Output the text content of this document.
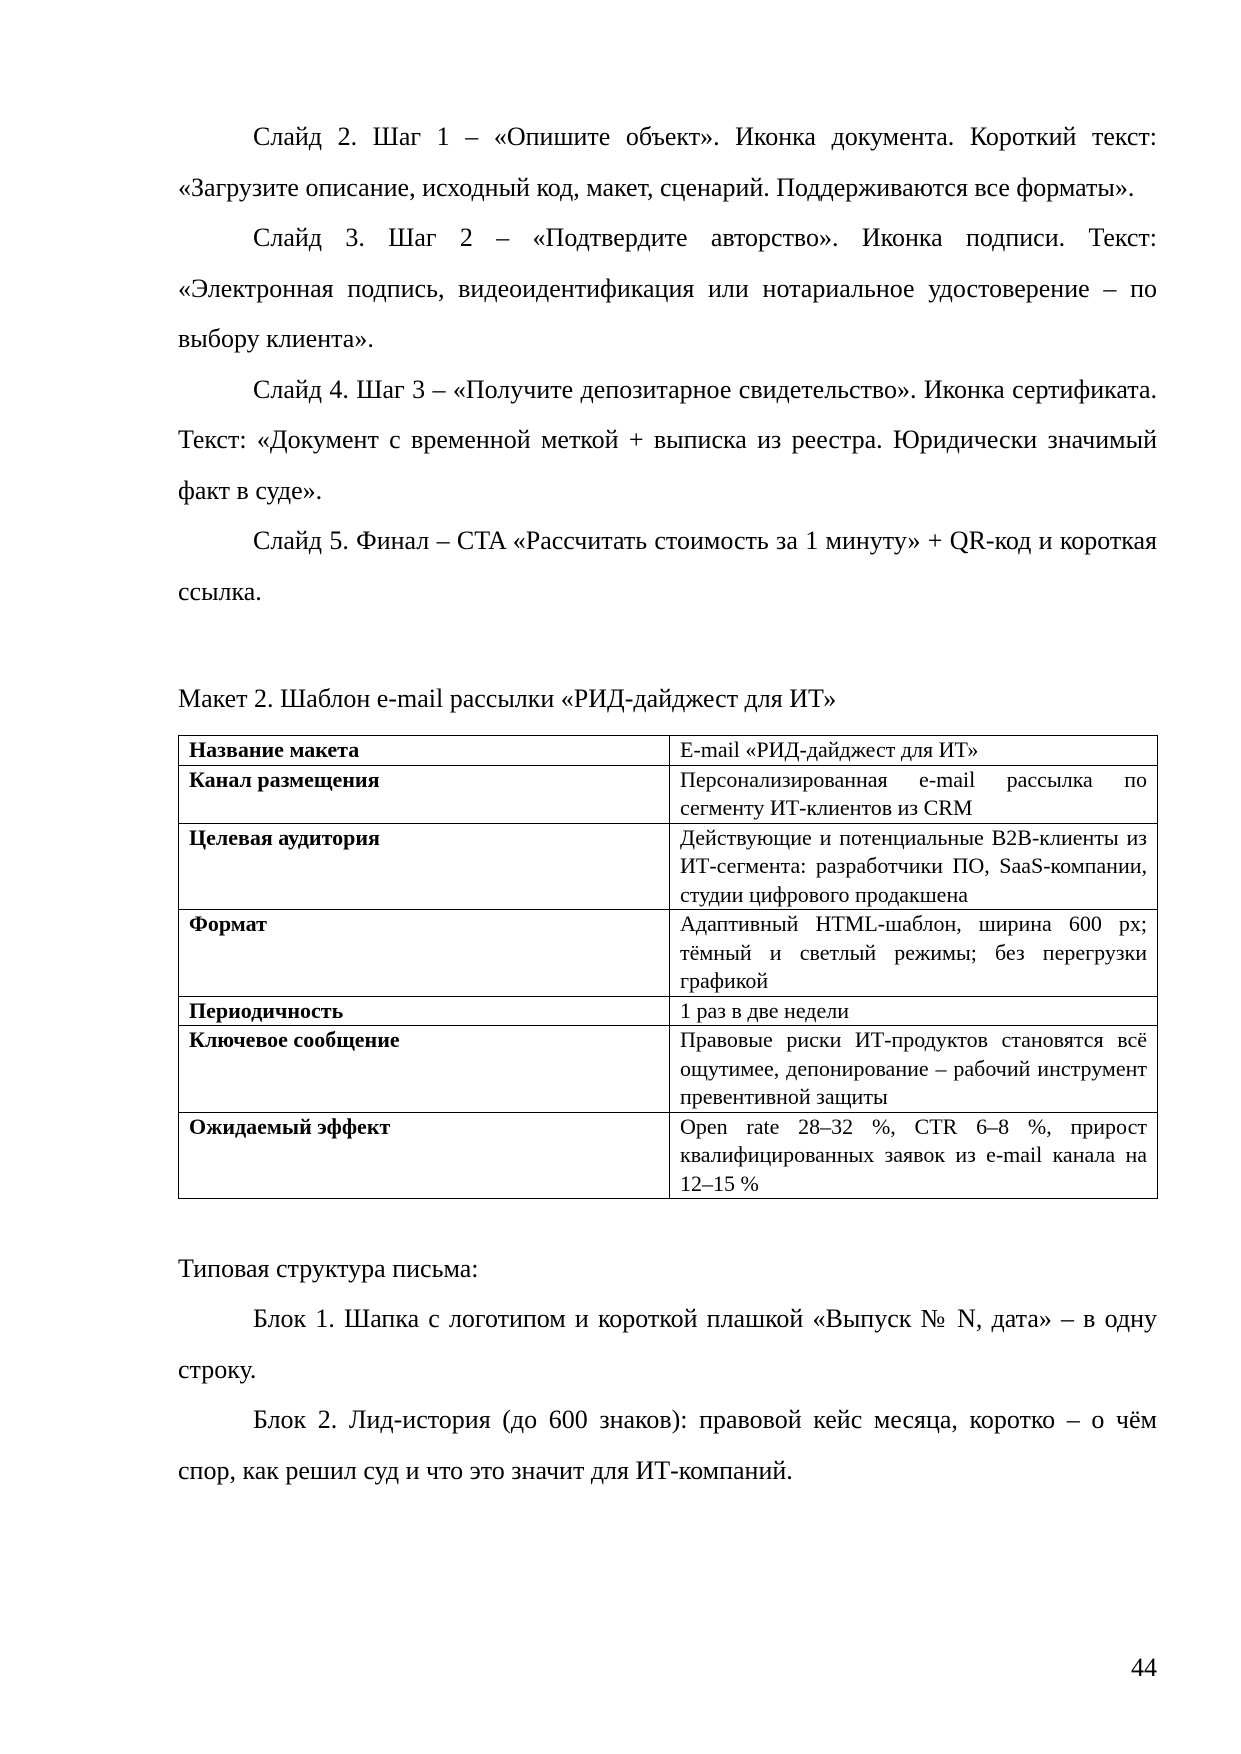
Слайд 2. Шаг 1 – «Опишите объект». Иконка документа. Короткий текст: «Загрузите описание, исходный код, макет, сценарий. Поддерживаются все форматы».

Слайд 3. Шаг 2 – «Подтвердите авторство». Иконка подписи. Текст: «Электронная подпись, видеоидентификация или нотариальное удостоверение – по выбору клиента».

Слайд 4. Шаг 3 – «Получите депозитарное свидетельство». Иконка сертификата. Текст: «Документ с временной меткой + выписка из реестра. Юридически значимый факт в суде».

Слайд 5. Финал – CTA «Рассчитать стоимость за 1 минуту» + QR-код и короткая ссылка.

Макет 2. Шаблон e-mail рассылки «РИД-дайджест для ИТ»

Название макета	E-mail «РИД-дайджест для ИТ»
Канал размещения	Персонализированная e-mail рассылка по сегменту ИТ-клиентов из CRM
Целевая аудитория	Действующие и потенциальные B2B-клиенты из ИТ-сегмента: разработчики ПО, SaaS-компании, студии цифрового продакшена
Формат	Адаптивный HTML-шаблон, ширина 600 px; тёмный и светлый режимы; без перегрузки графикой
Периодичность	1 раз в две недели
Ключевое сообщение	Правовые риски ИТ-продуктов становятся всё ощутимее, депонирование – рабочий инструмент превентивной защиты
Ожидаемый эффект	Open rate 28–32 %, CTR 6–8 %, прирост квалифицированных заявок из e-mail канала на 12–15 %

Типовая структура письма:

Блок 1. Шапка с логотипом и короткой плашкой «Выпуск № N, дата» – в одну строку.

Блок 2. Лид-история (до 600 знаков): правовой кейс месяца, коротко – о чём спор, как решил суд и что это значит для ИТ-компаний.

44
